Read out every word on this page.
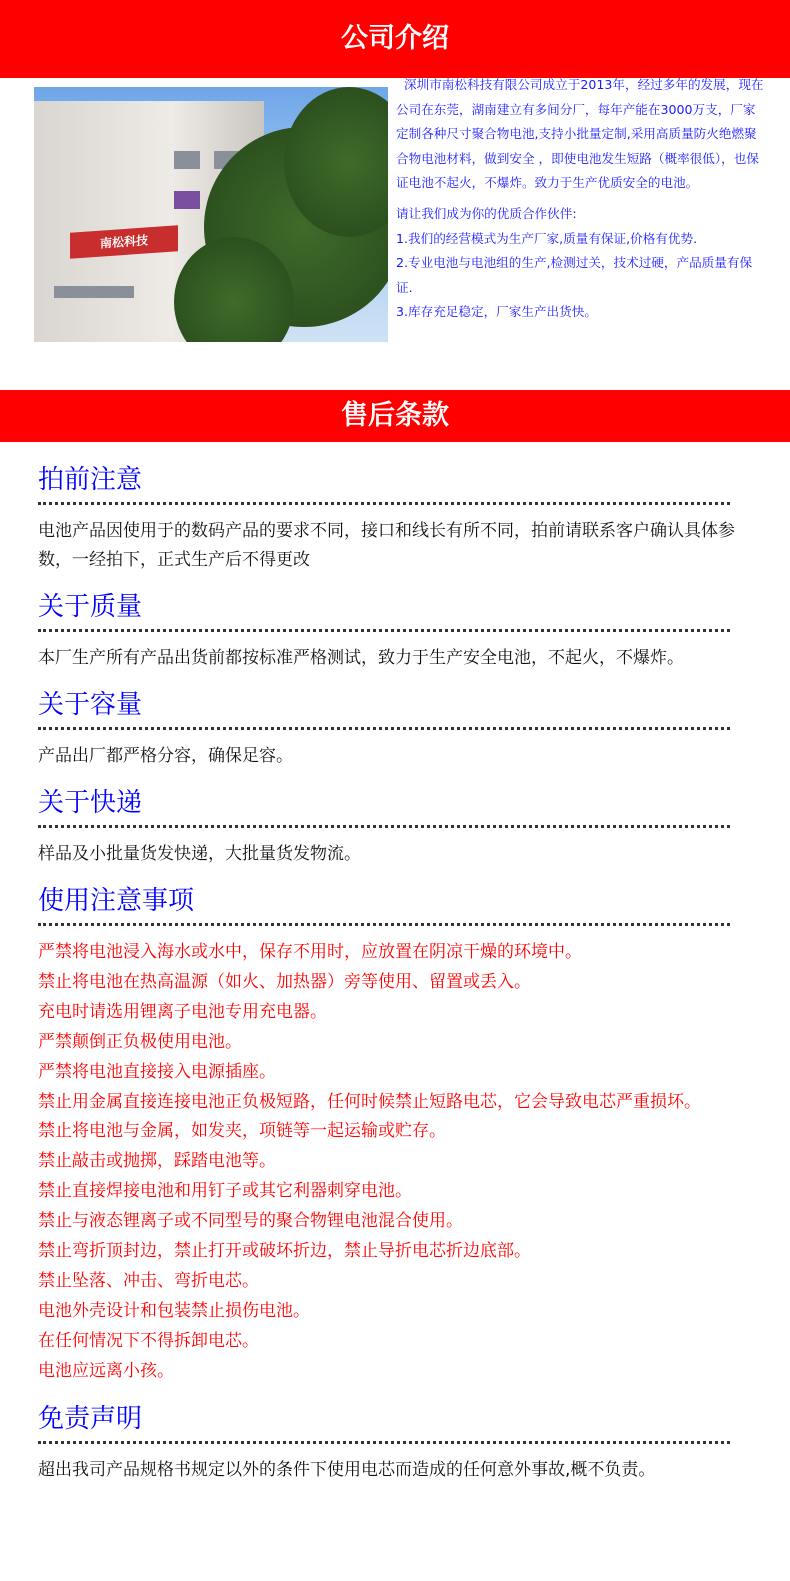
公司介绍
南松科技

深圳市南松科技有限公司成立于2013年，经过多年的发展，现在公司在东莞，湖南建立有多间分厂，每年产能在3000万支，厂家定制各种尺寸聚合物电池,支持小批量定制,采用高质量防火绝燃聚合物电池材料，做到安全 ，即使电池发生短路（概率很低），也保证电池不起火，不爆炸。致力于生产优质安全的电池。

请让我们成为你的优质合作伙伴:

1.我们的经营模式为生产厂家,质量有保证,价格有优势.

2.专业电池与电池组的生产,检测过关，技术过硬，产品质量有保证.

3.库存充足稳定，厂家生产出货快。

售后条款
拍前注意
电池产品因使用于的数码产品的要求不同，接口和线长有所不同，拍前请联系客户确认具体参数，一经拍下，正式生产后不得更改
关于质量
本厂生产所有产品出货前都按标准严格测试，致力于生产安全电池，不起火，不爆炸。
关于容量
产品出厂都严格分容，确保足容。
关于快递
样品及小批量货发快递，大批量货发物流。
使用注意事项
严禁将电池浸入海水或水中，保存不用时，应放置在阴凉干燥的环境中。
禁止将电池在热高温源（如火、加热器）旁等使用、留置或丢入。
充电时请选用锂离子电池专用充电器。
严禁颠倒正负极使用电池。
严禁将电池直接接入电源插座。
禁止用金属直接连接电池正负极短路，任何时候禁止短路电芯，它会导致电芯严重损坏。
禁止将电池与金属，如发夹，项链等一起运输或贮存。
禁止敲击或抛掷，踩踏电池等。
禁止直接焊接电池和用钉子或其它利器刺穿电池。
禁止与液态锂离子或不同型号的聚合物锂电池混合使用。
禁止弯折顶封边，禁止打开或破坏折边，禁止导折电芯折边底部。
禁止坠落、冲击、弯折电芯。
电池外壳设计和包装禁止损伤电池。
在任何情况下不得拆卸电芯。
电池应远离小孩。
免责声明
超出我司产品规格书规定以外的条件下使用电芯而造成的任何意外事故,概不负责。
